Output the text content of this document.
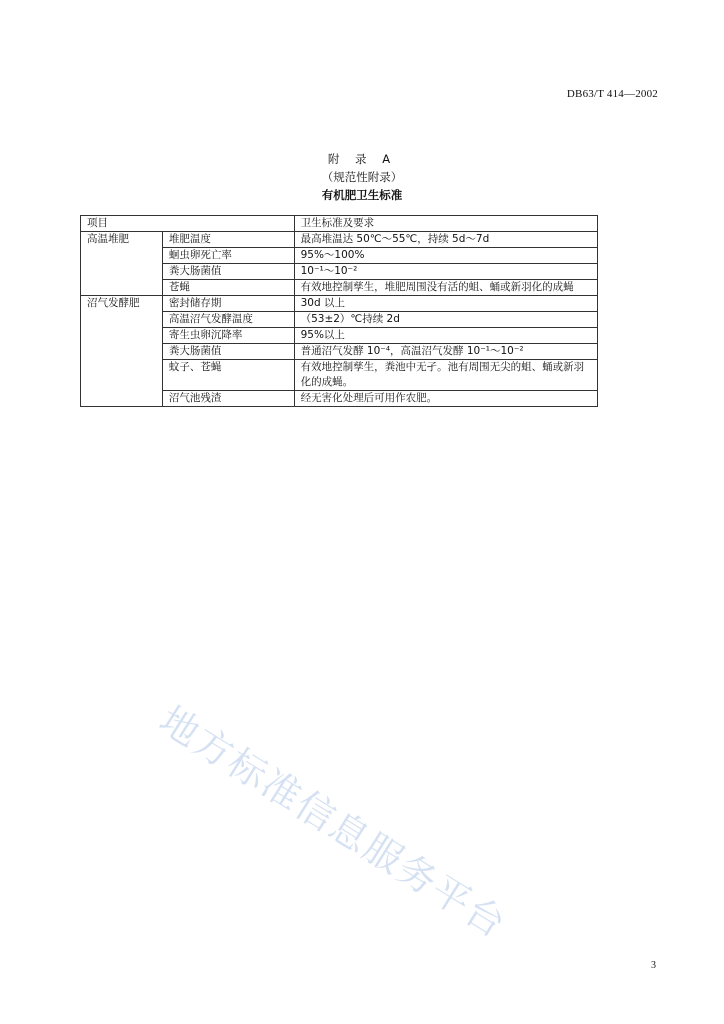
DB63/T 414—2002
附 录 A
（规范性附录）
有机肥卫生标准
项目		卫生标准及要求
高温堆肥	堆肥温度	最高堆温达 50℃～55℃，持续 5d～7d
	蛔虫卵死亡率	95%～100%
	粪大肠菌值	10⁻¹～10⁻²
	苍蝇	有效地控制孳生，堆肥周围没有活的蛆、蛹或新羽化的成蝇
沼气发酵肥	密封储存期	30d 以上
	高温沼气发酵温度	（53±2）℃持续 2d
	寄生虫卵沉降率	95%以上
	粪大肠菌值	普通沼气发酵 10⁻⁴，高温沼气发酵 10⁻¹～10⁻²
	蚊子、苍蝇	有效地控制孳生，粪池中无孑。池有周围无尖的蛆、蛹或新羽化的成蝇。
	沼气池残渣	经无害化处理后可用作农肥。
地方标准信息服务平台
3
